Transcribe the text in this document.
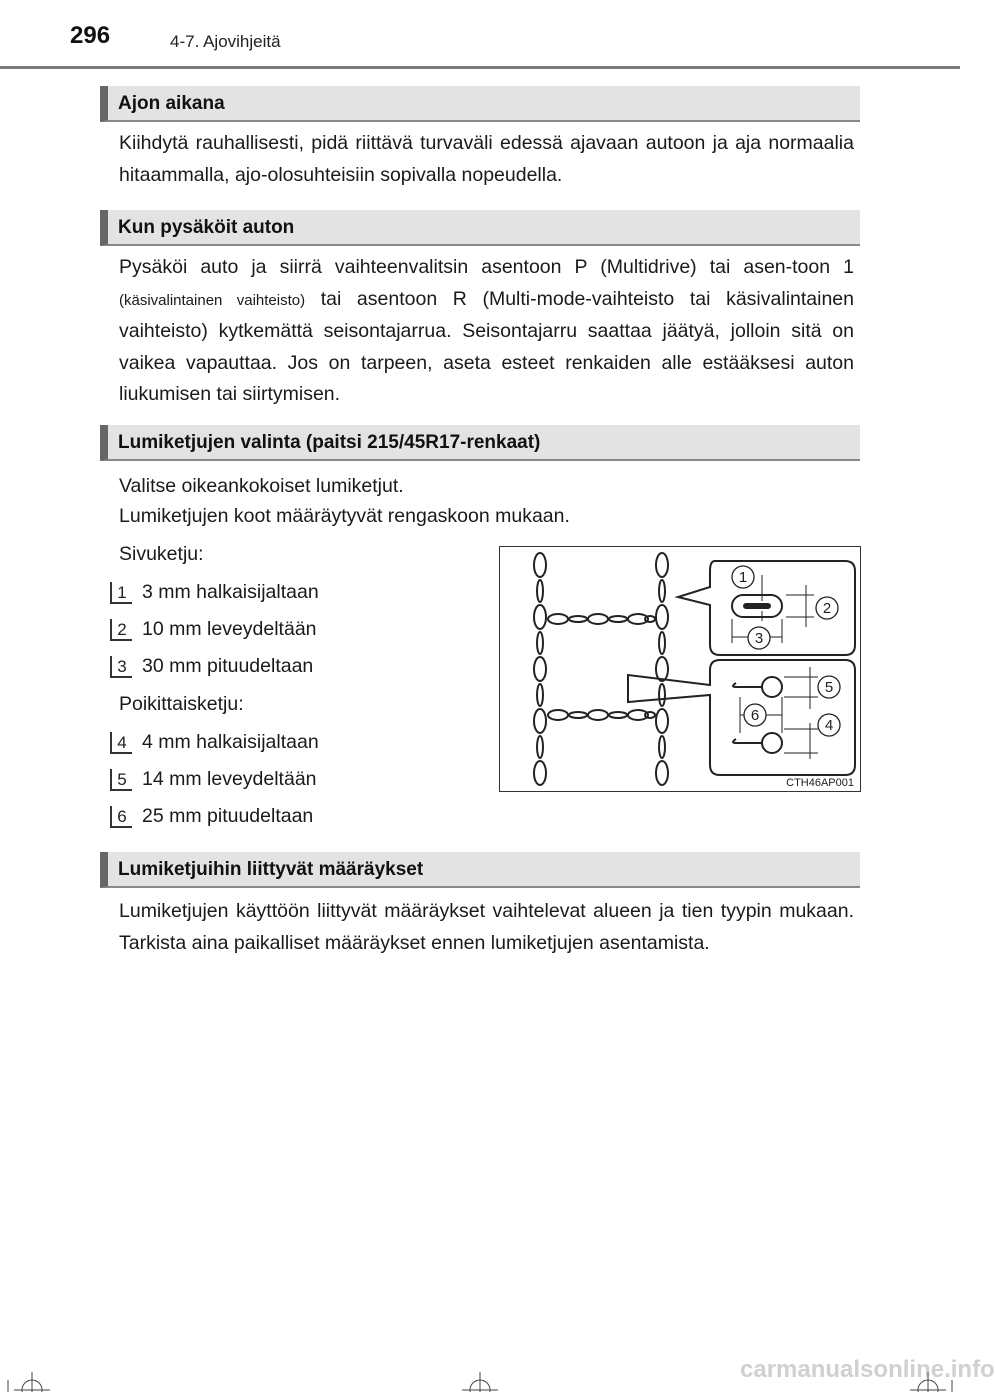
296	4-7. Ajovihjeitä
Ajon aikana
Kiihdytä rauhallisesti, pidä riittävä turvaväli edessä ajavaan autoon ja aja normaalia hitaammalla, ajo-olosuhteisiin sopivalla nopeudella.
Kun pysäköit auton
Pysäköi auto ja siirrä vaihteenvalitsin asentoon P (Multidrive) tai asen-toon 1 (käsivalintainen vaihteisto) tai asentoon R (Multi-mode-vaihteisto tai käsivalintainen vaihteisto) kytkemättä seisontajarrua. Seisontajarru saattaa jäätyä, jolloin sitä on vaikea vapauttaa. Jos on tarpeen, aseta esteet renkaiden alle estääksesi auton liukumisen tai siirtymisen.
Lumiketjujen valinta (paitsi 215/45R17-renkaat)
Valitse oikeankokoiset lumiketjut.
Lumiketjujen koot määräytyvät rengaskoon mukaan.
Sivuketju:
1 3 mm halkaisijaltaan
2 10 mm leveydeltään
3 30 mm pituudeltaan
Poikittaisketju:
4 4 mm halkaisijaltaan
5 14 mm leveydeltään
6 25 mm pituudeltaan
1
2
3
4
5
6
CTH46AP001
Lumiketjuihin liittyvät määräykset
Lumiketjujen käyttöön liittyvät määräykset vaihtelevat alueen ja tien tyypin mukaan. Tarkista aina paikalliset määräykset ennen lumiketjujen asentamista.
carmanualsonline.info
